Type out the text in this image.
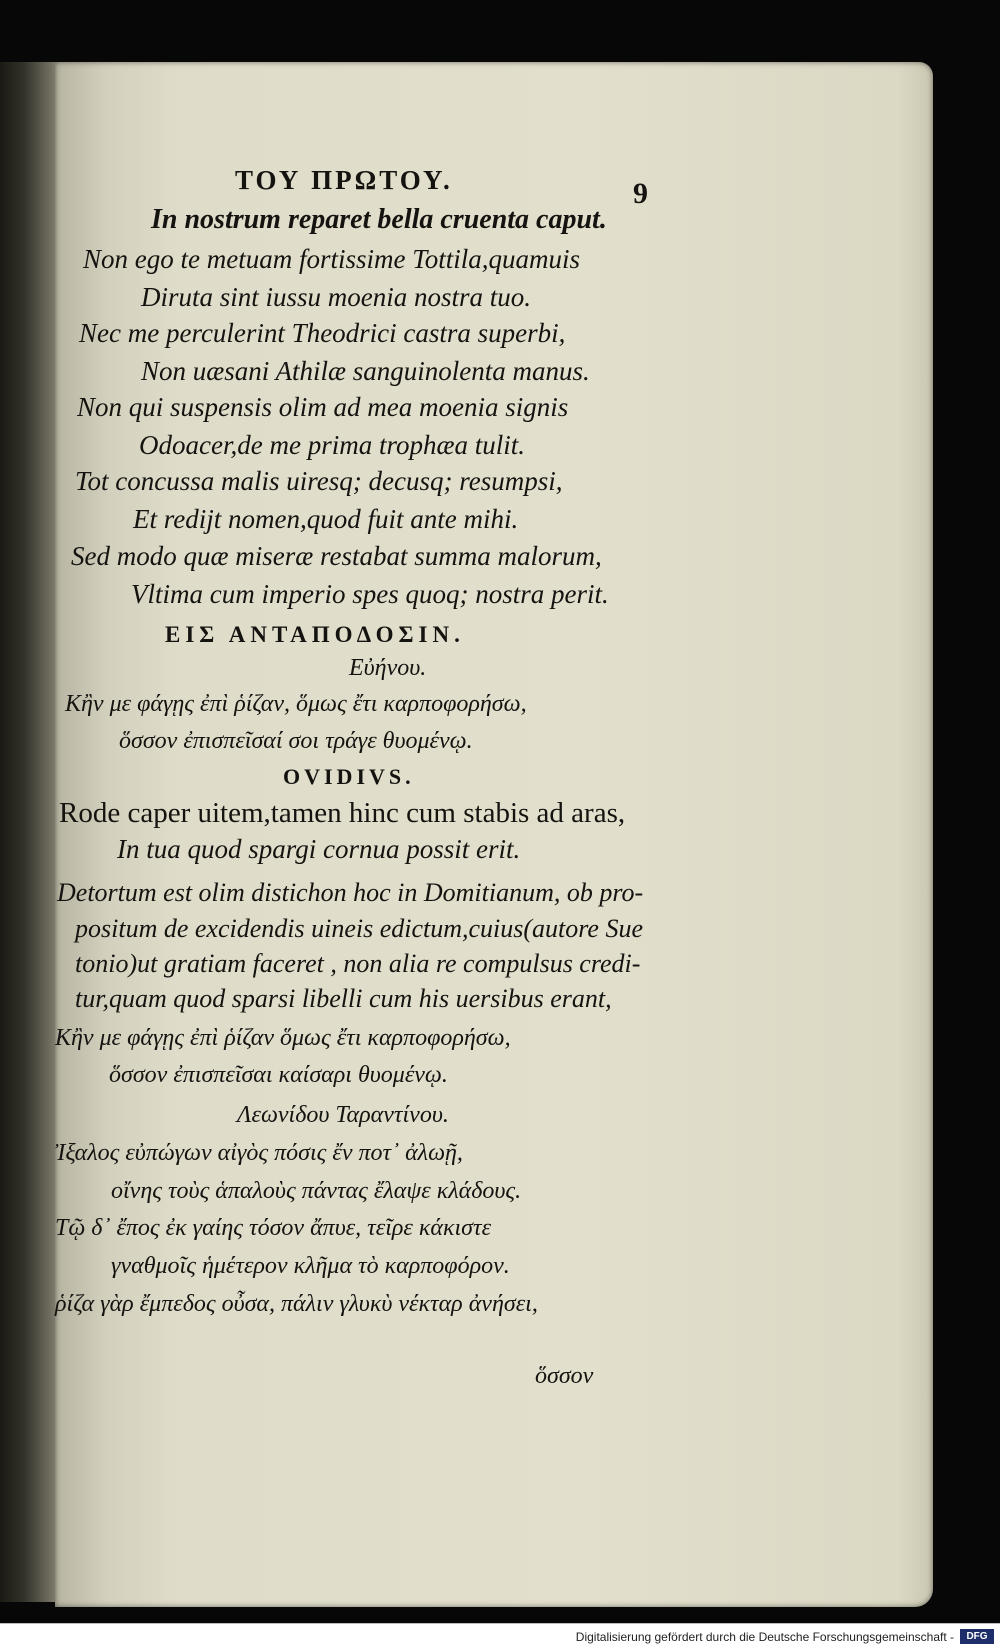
ΤΟΥ ΠΡΩΤΟΥ.	9
In nostrum reparet bella cruenta caput.
Non ego te metuam fortissime Tottila,quamuis
Diruta sint iussu moenia nostra tuo.
Nec me perculerint Theodrici castra superbi,
Non uæsani Athilæ sanguinolenta manus.
Non qui suspensis olim ad mea moenia signis
Odoacer,de me prima trophæa tulit.
Tot concussa malis uiresq; decusq; resumpsi,
Et redijt nomen,quod fuit ante mihi.
Sed modo quæ miseræ restabat summa malorum,
Vltima cum imperio spes quoq; nostra perit.
ΕΙΣ ΑΝΤΑΠΟΔΟΣΙΝ.
Εὐήνου.
Κἢν με φάγῃς ἐπὶ ῥίζαν, ὅμως ἔτι καρποφορήσω,
ὅσσον ἐπισπεῖσαί σοι τράγε θυομένῳ.
OVIDIVS.
Rode caper uitem,tamen hinc cum stabis ad aras,
In tua quod spargi cornua possit erit.
Detortum est olim distichon hoc in Domitianum, ob pro-
positum de excidendis uineis edictum,cuius(autore Sue
tonio)ut gratiam faceret , non alia re compulsus credi-
tur,quam quod sparsi libelli cum his uersibus erant,
Κἢν με φάγῃς ἐπὶ ῥίζαν ὅμως ἔτι καρποφορήσω,
ὅσσον ἐπισπεῖσαι καίσαρι θυομένῳ.
Λεωνίδου Ταραντίνου.
Ἰξαλος εὐπώγων αἰγὸς πόσις ἔν ποτ᾽ ἀλωῇ,
οἴνης τοὺς ἁπαλοὺς πάντας ἔλαψε κλάδους.
Τῷ δ᾽ ἔπος ἐκ γαίης τόσον ἄπυε, τεῖρε κάκιστε
γναθμοῖς ἡμέτερον κλῆμα τὸ καρποφόρον.
ῥίζα γὰρ ἔμπεδος οὖσα, πάλιν γλυκὺ νέκταρ ἀνήσει,
ὅσσον
Digitalisierung gefördert durch die Deutsche Forschungsgemeinschaft -	DFG
